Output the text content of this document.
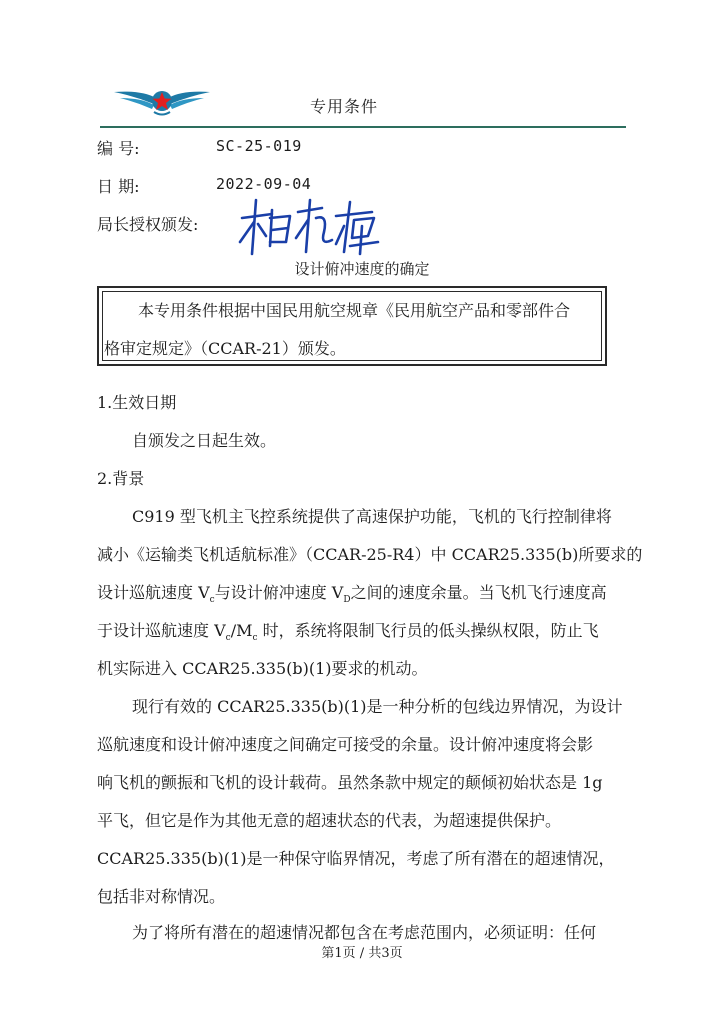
专用条件
编 号:	SC-25-019
日 期:	2022-09-04
局长授权颁发:
设计俯冲速度的确定
本专用条件根据中国民用航空规章《民用航空产品和零部件合
格审定规定》（CCAR-21）颁发。
1.生效日期
自颁发之日起生效。
2.背景
C919 型飞机主飞控系统提供了高速保护功能，飞机的飞行控制律将
减小《运输类飞机适航标准》（CCAR-25-R4）中 CCAR25.335(b)所要求的
设计巡航速度 $V_c$与设计俯冲速度 $V_D$之间的速度余量。当飞机飞行速度高
于设计巡航速度 $V_c/M_c$ 时，系统将限制飞行员的低头操纵权限，防止飞
机实际进入 CCAR25.335(b)(1)要求的机动。
现行有效的 CCAR25.335(b)(1)是一种分析的包线边界情况，为设计
巡航速度和设计俯冲速度之间确定可接受的余量。设计俯冲速度将会影
响飞机的颤振和飞机的设计载荷。虽然条款中规定的颠倾初始状态是 1g
平飞，但它是作为其他无意的超速状态的代表，为超速提供保护。
CCAR25.335(b)(1)是一种保守临界情况，考虑了所有潜在的超速情况，
包括非对称情况。
为了将所有潜在的超速情况都包含在考虑范围内，必须证明：任何
第1页 / 共3页
